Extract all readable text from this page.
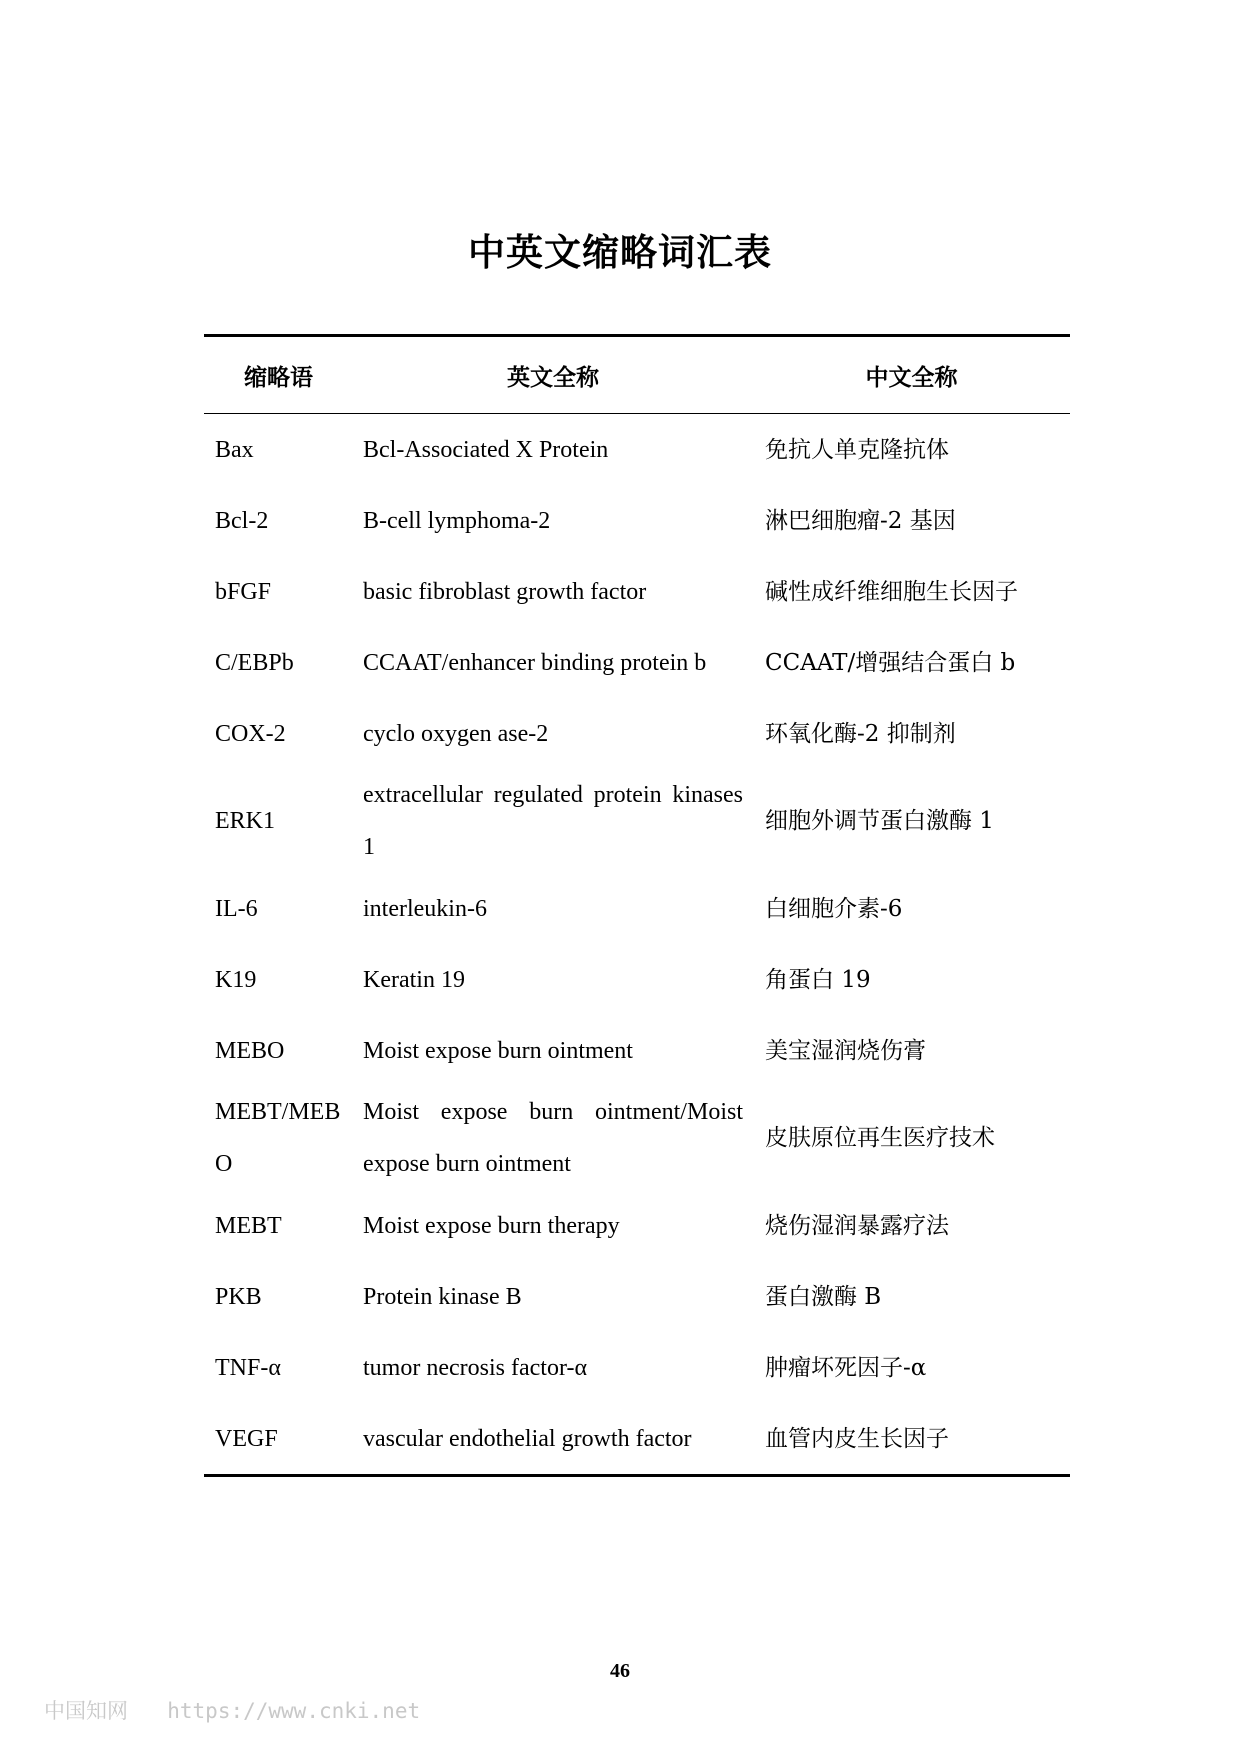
中英文缩略词汇表
缩略语	英文全称	中文全称
Bax	Bcl-Associated X Protein	免抗人单克隆抗体
Bcl-2	B-cell lymphoma-2	淋巴细胞瘤-2 基因
bFGF	basic fibroblast growth factor	碱性成纤维细胞生长因子
C/EBPb	CCAAT/enhancer binding protein b	CCAAT/增强结合蛋白 b
COX-2	cyclo oxygen ase-2	环氧化酶-2 抑制剂
ERK1	extracellular regulated protein kinases 1	细胞外调节蛋白激酶 1
IL-6	interleukin-6	白细胞介素-6
K19	Keratin 19	角蛋白 19
MEBO	Moist expose burn ointment	美宝湿润烧伤膏
MEBT/MEBO	Moist expose burn ointment/Moist expose burn ointment	皮肤原位再生医疗技术
MEBT	Moist expose burn therapy	烧伤湿润暴露疗法
PKB	Protein kinase B	蛋白激酶 B
TNF-α	tumor necrosis factor-α	肿瘤坏死因子-α
VEGF	vascular endothelial growth factor	血管内皮生长因子

46

中国知网 https://www.cnki.net
